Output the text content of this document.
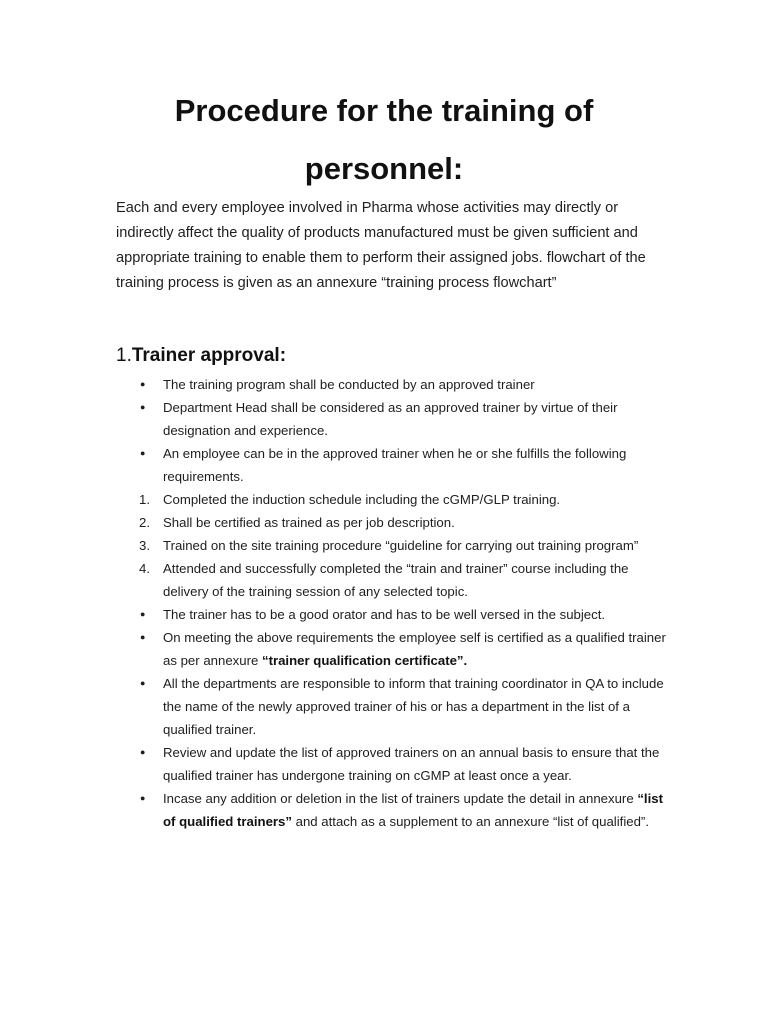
Procedure for the training of personnel:

Each and every employee involved in Pharma whose activities may directly or indirectly affect the quality of products manufactured must be given sufficient and appropriate training to enable them to perform their assigned jobs. flowchart of the training process is given as an annexure “training process flowchart”

1.Trainer approval:
●	The training program shall be conducted by an approved trainer
●	Department Head shall be considered as an approved trainer by virtue of their designation and experience.
●	An employee can be in the approved trainer when he or she fulfills the following requirements.
1. Completed the induction schedule including the cGMP/GLP training.
2. Shall be certified as trained as per job description.
3. Trained on the site training procedure “guideline for carrying out training program”
4. Attended and successfully completed the “train and trainer” course including the delivery of the training session of any selected topic.
●	The trainer has to be a good orator and has to be well versed in the subject.
●	On meeting the above requirements the employee self is certified as a qualified trainer as per annexure “trainer qualification certificate”.
●	All the departments are responsible to inform that training coordinator in QA to include the name of the newly approved trainer of his or has a department in the list of a qualified trainer.
●	Review and update the list of approved trainers on an annual basis to ensure that the qualified trainer has undergone training on cGMP at least once a year.
●	Incase any addition or deletion in the list of trainers update the detail in annexure “list of qualified trainers” and attach as a supplement to an annexure “list of qualified”.
